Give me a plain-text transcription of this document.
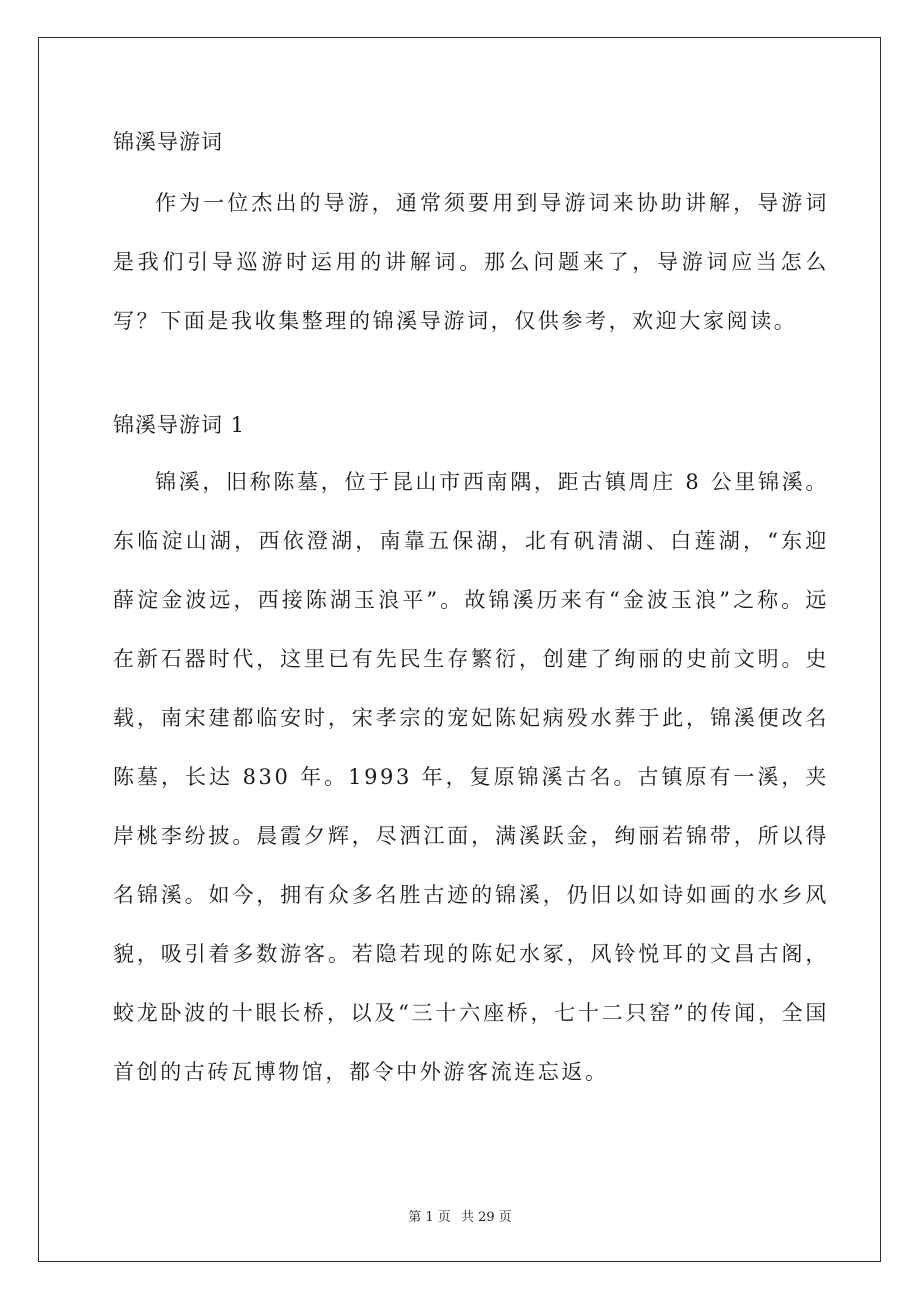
锦溪导游词

作为一位杰出的导游，通常须要用到导游词来协助讲解，导游词是我们引导巡游时运用的讲解词。那么问题来了，导游词应当怎么写？下面是我收集整理的锦溪导游词，仅供参考，欢迎大家阅读。

锦溪导游词 1

锦溪，旧称陈墓，位于昆山市西南隅，距古镇周庄 8 公里锦溪。东临淀山湖，西依澄湖，南靠五保湖，北有矾清湖、白莲湖，“东迎薛淀金波远，西接陈湖玉浪平”。故锦溪历来有“金波玉浪”之称。远在新石器时代，这里已有先民生存繁衍，创建了绚丽的史前文明。史载，南宋建都临安时，宋孝宗的宠妃陈妃病殁水葬于此，锦溪便改名陈墓，长达 830 年。1993 年，复原锦溪古名。古镇原有一溪，夹岸桃李纷披。晨霞夕辉，尽洒江面，满溪跃金，绚丽若锦带，所以得名锦溪。如今，拥有众多名胜古迹的锦溪，仍旧以如诗如画的水乡风貌，吸引着多数游客。若隐若现的陈妃水冢，风铃悦耳的文昌古阁，蛟龙卧波的十眼长桥，以及“三十六座桥，七十二只窑”的传闻，全国首创的古砖瓦博物馆，都令中外游客流连忘返。

第 1 页 共 29 页
